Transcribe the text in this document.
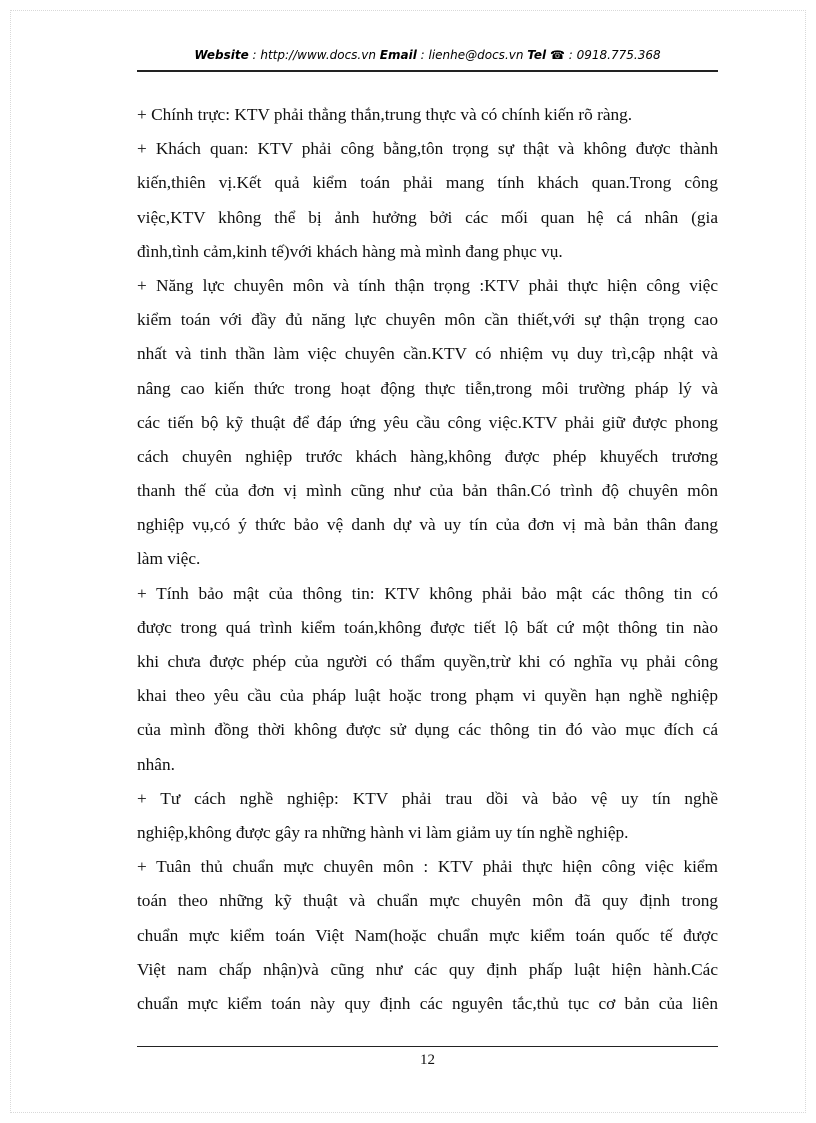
Website : http://www.docs.vn Email : lienhe@docs.vn Tel ☎ : 0918.775.368
+ Chính trực: KTV phải thẳng thắn,trung thực và có chính kiến rõ ràng.
+ Khách quan: KTV phải công bằng,tôn trọng sự thật và không được thành
kiến,thiên vị.Kết quả kiểm toán phải mang tính khách quan.Trong công
việc,KTV không thể bị ảnh hưởng bởi các mối quan hệ cá nhân (gia
đình,tình cảm,kinh tế)với khách hàng mà mình đang phục vụ.
+ Năng lực chuyên môn và tính thận trọng :KTV phải thực hiện công việc
kiểm toán với đầy đủ năng lực chuyên môn cần thiết,với sự thận trọng cao
nhất và tinh thần làm việc chuyên cần.KTV có nhiệm vụ duy trì,cập nhật và
nâng cao kiến thức trong hoạt động thực tiễn,trong môi trường pháp lý và
các tiến bộ kỹ thuật để đáp ứng yêu cầu công việc.KTV phải giữ được phong
cách chuyên nghiệp trước khách hàng,không được phép khuyếch trương
thanh thế của đơn vị mình cũng như của bản thân.Có trình độ chuyên môn
nghiệp vụ,có ý thức bảo vệ danh dự và uy tín của đơn vị mà bản thân đang
làm việc.
+ Tính bảo mật của thông tin: KTV không phải bảo mật các thông tin có
được trong quá trình kiểm toán,không được tiết lộ bất cứ một thông tin nào
khi chưa được phép của người có thẩm quyền,trừ khi có nghĩa vụ phải công
khai theo yêu cầu của pháp luật hoặc trong phạm vi quyền hạn nghề nghiệp
của mình đồng thời không được sử dụng các thông tin đó vào mục đích cá
nhân.
+ Tư cách nghề nghiệp: KTV phải trau dồi và bảo vệ uy tín nghề
nghiệp,không được gây ra những hành vi làm giảm uy tín nghề nghiệp.
+ Tuân thủ chuẩn mực chuyên môn : KTV phải thực hiện công việc kiểm
toán theo những kỹ thuật và chuẩn mực chuyên môn đã quy định trong
chuẩn mực kiểm toán Việt Nam(hoặc chuẩn mực kiểm toán quốc tế được
Việt nam chấp nhận)và cũng như các quy định phấp luật hiện hành.Các
chuẩn mực kiểm toán này quy định các nguyên tắc,thủ tục cơ bản của liên
12
